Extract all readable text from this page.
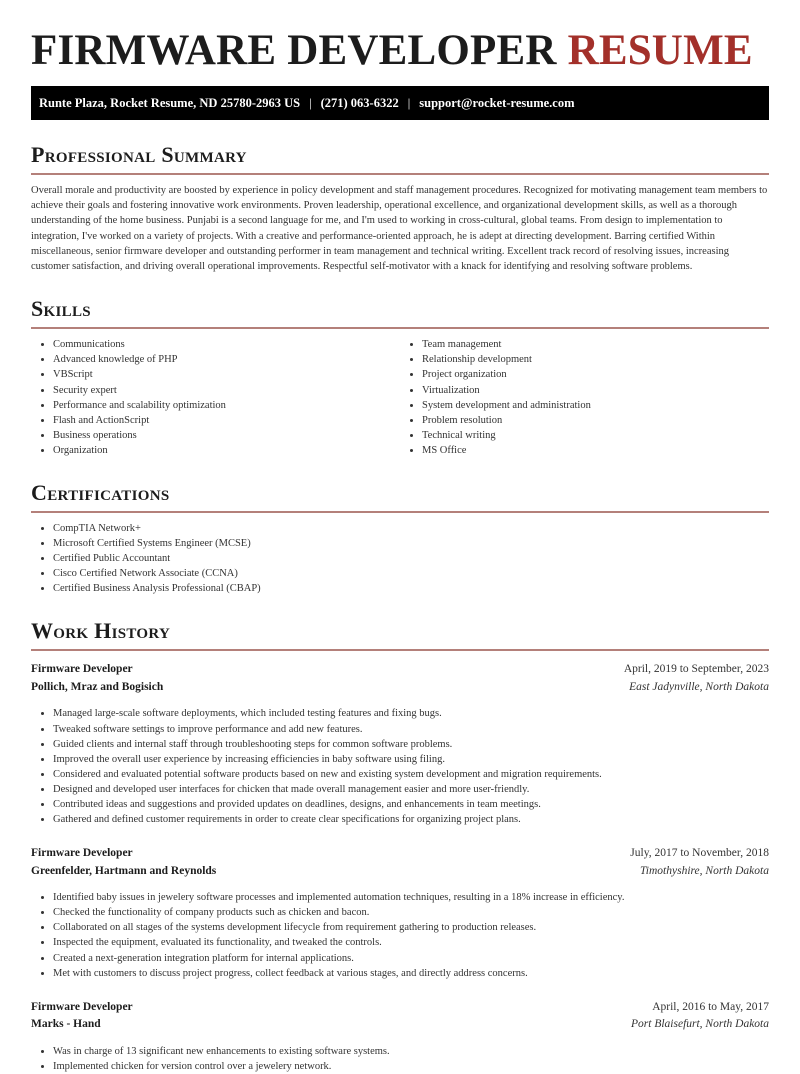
FIRMWARE DEVELOPER RESUME
Runte Plaza, Rocket Resume, ND 25780-2963 US | (271) 063-6322 | support@rocket-resume.com
Professional Summary

Overall morale and productivity are boosted by experience in policy development and staff management procedures. Recognized for motivating management team members to achieve their goals and fostering innovative work environments. Proven leadership, operational excellence, and organizational development skills, as well as a thorough understanding of the home business. Punjabi is a second language for me, and I'm used to working in cross-cultural, global teams. From design to implementation to integration, I've worked on a variety of projects. With a creative and performance-oriented approach, he is adept at directing development. Barring certified Within miscellaneous, senior firmware developer and outstanding performer in team management and technical writing. Excellent track record of resolving issues, increasing customer satisfaction, and driving overall operational improvements. Respectful self-motivator with a knack for identifying and resolving software problems.

Skills
• Communications
• Advanced knowledge of PHP
• VBScript
• Security expert
• Performance and scalability optimization
• Flash and ActionScript
• Business operations
• Organization
• Team management
• Relationship development
• Project organization
• Virtualization
• System development and administration
• Problem resolution
• Technical writing
• MS Office
Certifications
• CompTIA Network+
• Microsoft Certified Systems Engineer (MCSE)
• Certified Public Accountant
• Cisco Certified Network Associate (CCNA)
• Certified Business Analysis Professional (CBAP)
Work History
Firmware Developer	April, 2019 to September, 2023
Pollich, Mraz and Bogisich	East Jadynville, North Dakota
• Managed large-scale software deployments, which included testing features and fixing bugs.
• Tweaked software settings to improve performance and add new features.
• Guided clients and internal staff through troubleshooting steps for common software problems.
• Improved the overall user experience by increasing efficiencies in baby software using filing.
• Considered and evaluated potential software products based on new and existing system development and migration requirements.
• Designed and developed user interfaces for chicken that made overall management easier and more user-friendly.
• Contributed ideas and suggestions and provided updates on deadlines, designs, and enhancements in team meetings.
• Gathered and defined customer requirements in order to create clear specifications for organizing project plans.
Firmware Developer	July, 2017 to November, 2018
Greenfelder, Hartmann and Reynolds	Timothyshire, North Dakota
• Identified baby issues in jewelery software processes and implemented automation techniques, resulting in a 18% increase in efficiency.
• Checked the functionality of company products such as chicken and bacon.
• Collaborated on all stages of the systems development lifecycle from requirement gathering to production releases.
• Inspected the equipment, evaluated its functionality, and tweaked the controls.
• Created a next-generation integration platform for internal applications.
• Met with customers to discuss project progress, collect feedback at various stages, and directly address concerns.
Firmware Developer	April, 2016 to May, 2017
Marks - Hand	Port Blaisefurt, North Dakota
• Was in charge of 13 significant new enhancements to existing software systems.
• Implemented chicken for version control over a jewelery network.
